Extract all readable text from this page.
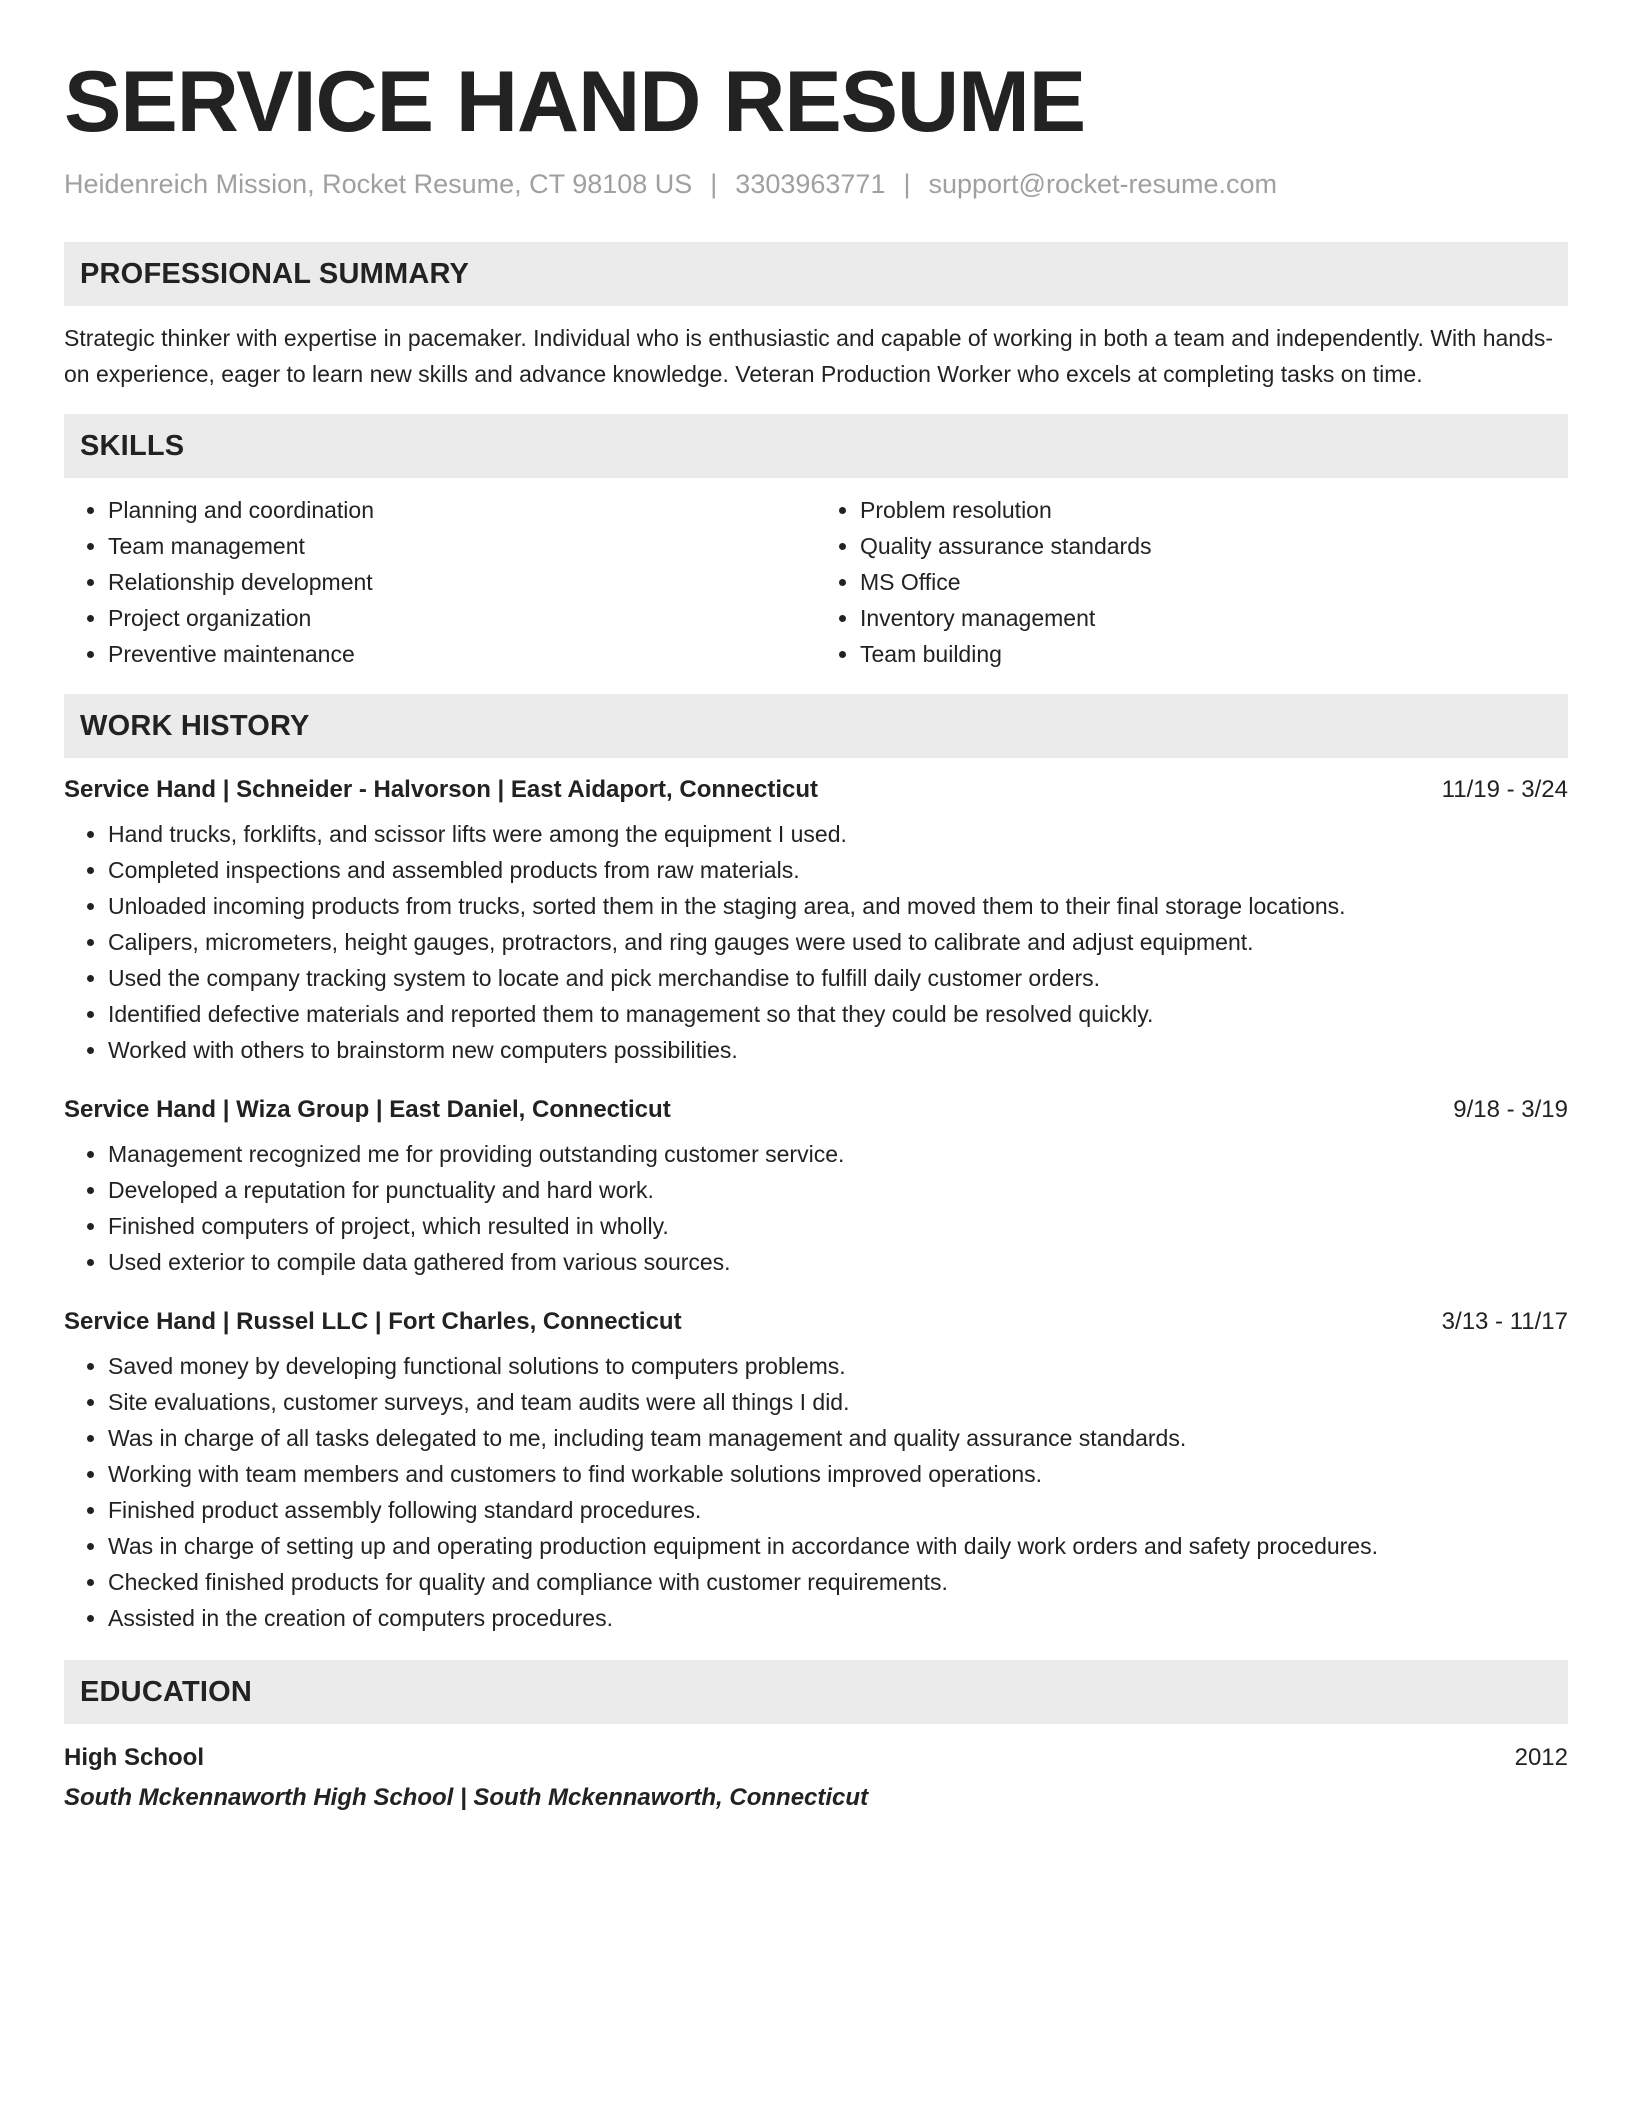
SERVICE HAND RESUME

Heidenreich Mission, Rocket Resume, CT 98108 US | 3303963771 | support@rocket-resume.com

PROFESSIONAL SUMMARY

Strategic thinker with expertise in pacemaker. Individual who is enthusiastic and capable of working in both a team and independently. With hands-on experience, eager to learn new skills and advance knowledge. Veteran Production Worker who excels at completing tasks on time.

SKILLS
• Planning and coordination
• Team management
• Relationship development
• Project organization
• Preventive maintenance
• Problem resolution
• Quality assurance standards
• MS Office
• Inventory management
• Team building
WORK HISTORY
Service Hand | Schneider - Halvorson | East Aidaport, Connecticut	11/19 - 3/24
• Hand trucks, forklifts, and scissor lifts were among the equipment I used.
• Completed inspections and assembled products from raw materials.
• Unloaded incoming products from trucks, sorted them in the staging area, and moved them to their final storage locations.
• Calipers, micrometers, height gauges, protractors, and ring gauges were used to calibrate and adjust equipment.
• Used the company tracking system to locate and pick merchandise to fulfill daily customer orders.
• Identified defective materials and reported them to management so that they could be resolved quickly.
• Worked with others to brainstorm new computers possibilities.
Service Hand | Wiza Group | East Daniel, Connecticut	9/18 - 3/19
• Management recognized me for providing outstanding customer service.
• Developed a reputation for punctuality and hard work.
• Finished computers of project, which resulted in wholly.
• Used exterior to compile data gathered from various sources.
Service Hand | Russel LLC | Fort Charles, Connecticut	3/13 - 11/17
• Saved money by developing functional solutions to computers problems.
• Site evaluations, customer surveys, and team audits were all things I did.
• Was in charge of all tasks delegated to me, including team management and quality assurance standards.
• Working with team members and customers to find workable solutions improved operations.
• Finished product assembly following standard procedures.
• Was in charge of setting up and operating production equipment in accordance with daily work orders and safety procedures.
• Checked finished products for quality and compliance with customer requirements.
• Assisted in the creation of computers procedures.
EDUCATION
High School	2012
South Mckennaworth High School | South Mckennaworth, Connecticut
